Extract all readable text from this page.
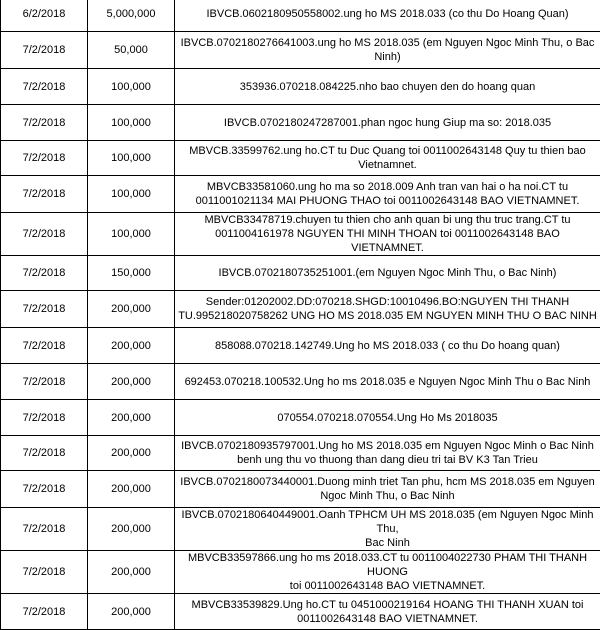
6/2/2018	5,000,000	IBVCB.0602180950558002.ung ho MS 2018.033 (co thu Do Hoang Quan)

7/2/2018	50,000	IBVCB.0702180276641003.ung ho MS 2018.035 (em Nguyen Ngoc Minh Thu, o Bac
Ninh)

7/2/2018	100,000	353936.070218.084225.nho bao chuyen den do hoang quan

7/2/2018	100,000	IBVCB.0702180247287001.phan ngoc hung Giup ma so: 2018.035

7/2/2018	100,000	MBVCB.33599762.ung ho.CT tu Duc Quang toi 0011002643148 Quy tu thien bao
Vietnamnet.

7/2/2018	100,000	MBVCB33581060.ung ho ma so 2018.009 Anh tran van hai o ha noi.CT tu
0011001021134 MAI PHUONG THAO toi 0011002643148 BAO VIETNAMNET.

7/2/2018	100,000	MBVCB33478719.chuyen tu thien cho anh quan bi ung thu truc trang.CT tu
0011004161978 NGUYEN THI MINH THOAN toi 0011002643148 BAO VIETNAMNET.

7/2/2018	150,000	IBVCB.0702180735251001.(em Nguyen Ngoc Minh Thu, o Bac Ninh)

7/2/2018	200,000	Sender:01202002.DD:070218.SHGD:10010496.BO:NGUYEN THI THANH
TU.995218020758262 UNG HO MS 2018.035 EM NGUYEN MINH THU O BAC NINH

7/2/2018	200,000	858088.070218.142749.Ung ho MS 2018.033 ( co thu Do hoang quan)

7/2/2018	200,000	692453.070218.100532.Ung ho ms 2018.035 e Nguyen Ngoc Minh Thu o Bac Ninh

7/2/2018	200,000	070554.070218.070554.Ung Ho Ms 2018035

7/2/2018	200,000	IBVCB.0702180935797001.Ung ho MS 2018.035 em Nguyen Ngoc Minh o Bac Ninh
benh ung thu vo thuong than dang dieu tri tai BV K3 Tan Trieu

7/2/2018	200,000	IBVCB.0702180073440001.Duong minh triet Tan phu, hcm MS 2018.035 em Nguyen
Ngoc Minh Thu, o Bac Ninh

7/2/2018	200,000	IBVCB.0702180640449001.Oanh TPHCM UH MS 2018.035 (em Nguyen Ngoc Minh Thu,
Bac Ninh

7/2/2018	200,000	MBVCB33597866.ung ho ms 2018.033.CT tu 0011004022730 PHAM THI THANH HUONG
toi 0011002643148 BAO VIETNAMNET.

7/2/2018	200,000	MBVCB33539829.Ung ho.CT tu 0451000219164 HOANG THI THANH XUAN toi
0011002643148 BAO VIETNAMNET.
